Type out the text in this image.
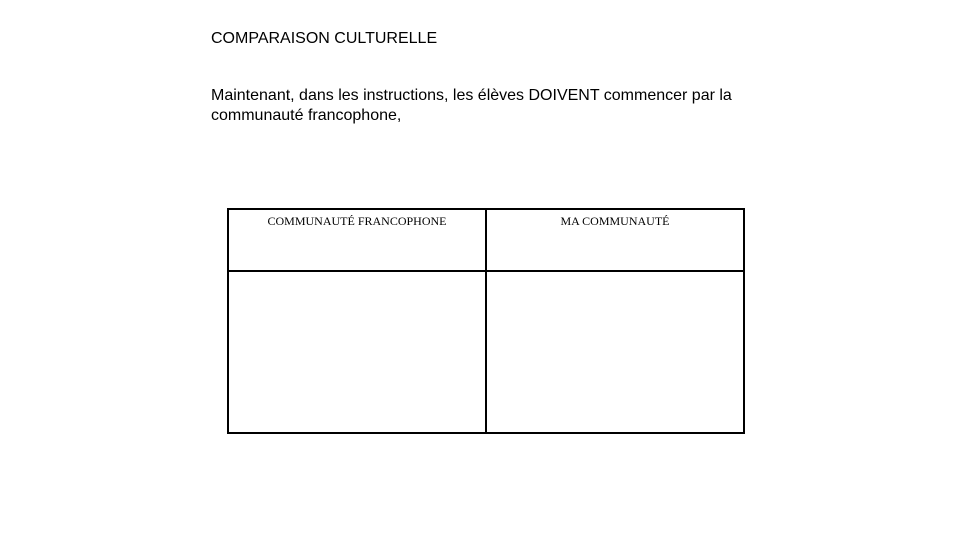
COMPARAISON CULTURELLE
Maintenant, dans les instructions, les élèves DOIVENT commencer par la communauté francophone,
COMMUNAUTÉ FRANCOPHONE	MA COMMUNAUTÉ
